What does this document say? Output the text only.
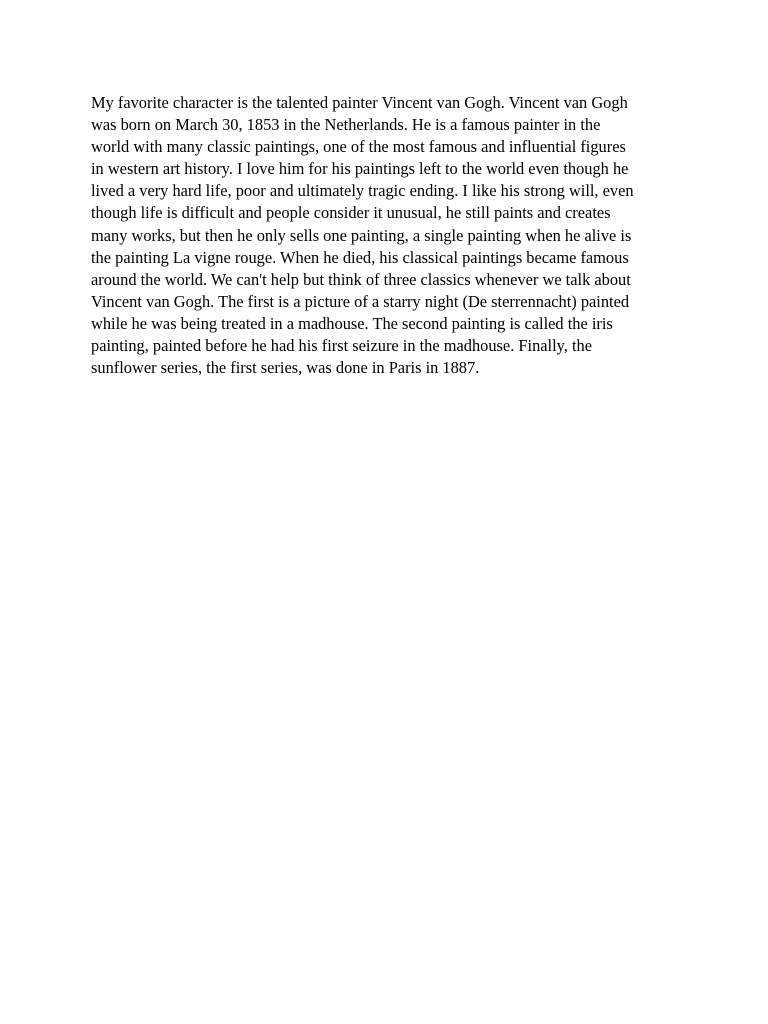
My favorite character is the talented painter Vincent van Gogh. Vincent van Gogh
was born on March 30, 1853 in the Netherlands. He is a famous painter in the
world with many classic paintings, one of the most famous and influential figures
in western art history. I love him for his paintings left to the world even though he
lived a very hard life, poor and ultimately tragic ending. I like his strong will, even
though life is difficult and people consider it unusual, he still paints and creates
many works, but then he only sells one painting, a single painting when he alive is
the painting La vigne rouge. When he died, his classical paintings became famous
around the world. We can't help but think of three classics whenever we talk about
Vincent van Gogh. The first is a picture of a starry night (De sterrennacht) painted
while he was being treated in a madhouse. The second painting is called the iris
painting, painted before he had his first seizure in the madhouse. Finally, the
sunflower series, the first series, was done in Paris in 1887.
